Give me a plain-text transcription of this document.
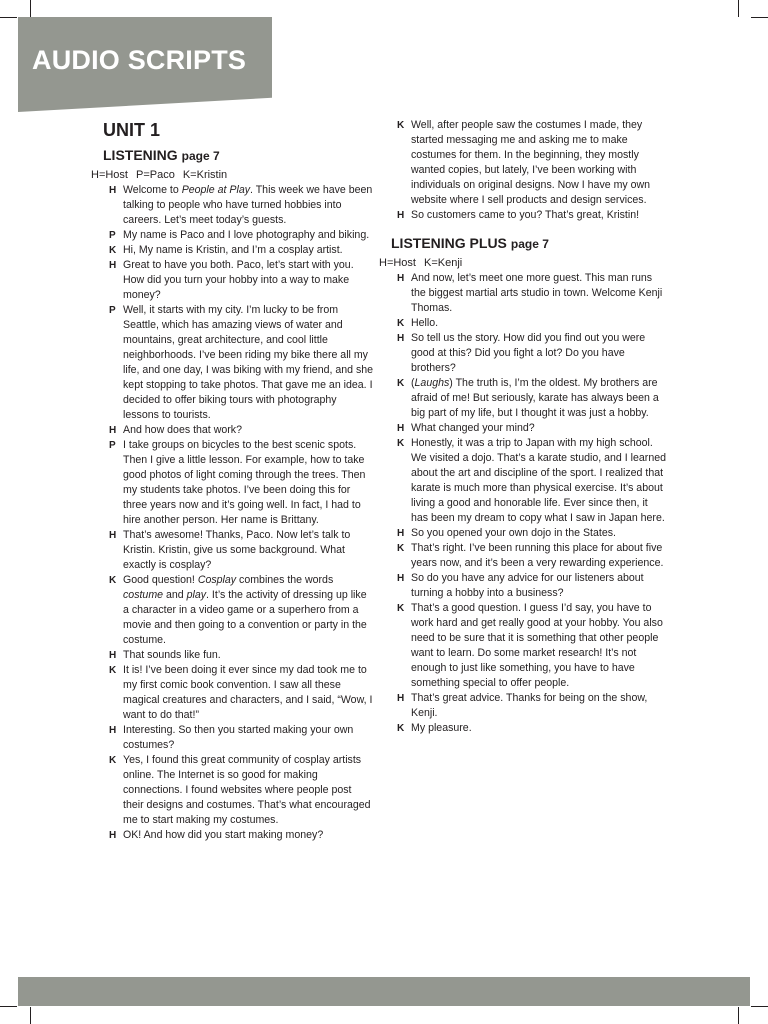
AUDIO SCRIPTS
UNIT 1
LISTENING page 7
H=Host P=Paco K=Kristin
H Welcome to People at Play. This week we have been talking to people who have turned hobbies into careers. Let’s meet today’s guests.
P My name is Paco and I love photography and biking.
K Hi, My name is Kristin, and I’m a cosplay artist.
H Great to have you both. Paco, let’s start with you. How did you turn your hobby into a way to make money?
P Well, it starts with my city. I’m lucky to be from Seattle, which has amazing views of water and mountains, great architecture, and cool little neighborhoods. I’ve been riding my bike there all my life, and one day, I was biking with my friend, and she kept stopping to take photos. That gave me an idea. I decided to offer biking tours with photography lessons to tourists.
H And how does that work?
P I take groups on bicycles to the best scenic spots. Then I give a little lesson. For example, how to take good photos of light coming through the trees. Then my students take photos. I’ve been doing this for three years now and it’s going well. In fact, I had to hire another person. Her name is Brittany.
H That’s awesome! Thanks, Paco. Now let’s talk to Kristin. Kristin, give us some background. What exactly is cosplay?
K Good question! Cosplay combines the words costume and play. It’s the activity of dressing up like a character in a video game or a superhero from a movie and then going to a convention or party in the costume.
H That sounds like fun.
K It is! I’ve been doing it ever since my dad took me to my first comic book convention. I saw all these magical creatures and characters, and I said, “Wow, I want to do that!”
H Interesting. So then you started making your own costumes?
K Yes, I found this great community of cosplay artists online. The Internet is so good for making connections. I found websites where people post their designs and costumes. That’s what encouraged me to start making my costumes.
H OK! And how did you start making money?
K Well, after people saw the costumes I made, they started messaging me and asking me to make costumes for them. In the beginning, they mostly wanted copies, but lately, I’ve been working with individuals on original designs. Now I have my own website where I sell products and design services.
H So customers came to you? That’s great, Kristin!
LISTENING PLUS page 7
H=Host K=Kenji
H And now, let’s meet one more guest. This man runs the biggest martial arts studio in town. Welcome Kenji Thomas.
K Hello.
H So tell us the story. How did you find out you were good at this? Did you fight a lot? Do you have brothers?
K (Laughs) The truth is, I’m the oldest. My brothers are afraid of me! But seriously, karate has always been a big part of my life, but I thought it was just a hobby.
H What changed your mind?
K Honestly, it was a trip to Japan with my high school. We visited a dojo. That’s a karate studio, and I learned about the art and discipline of the sport. I realized that karate is much more than physical exercise. It’s about living a good and honorable life. Ever since then, it has been my dream to copy what I saw in Japan here.
H So you opened your own dojo in the States.
K That’s right. I’ve been running this place for about five years now, and it’s been a very rewarding experience.
H So do you have any advice for our listeners about turning a hobby into a business?
K That’s a good question. I guess I’d say, you have to work hard and get really good at your hobby. You also need to be sure that it is something that other people want to learn. Do some market research! It’s not enough to just like something, you have to have something special to offer people.
H That’s great advice. Thanks for being on the show, Kenji.
K My pleasure.
